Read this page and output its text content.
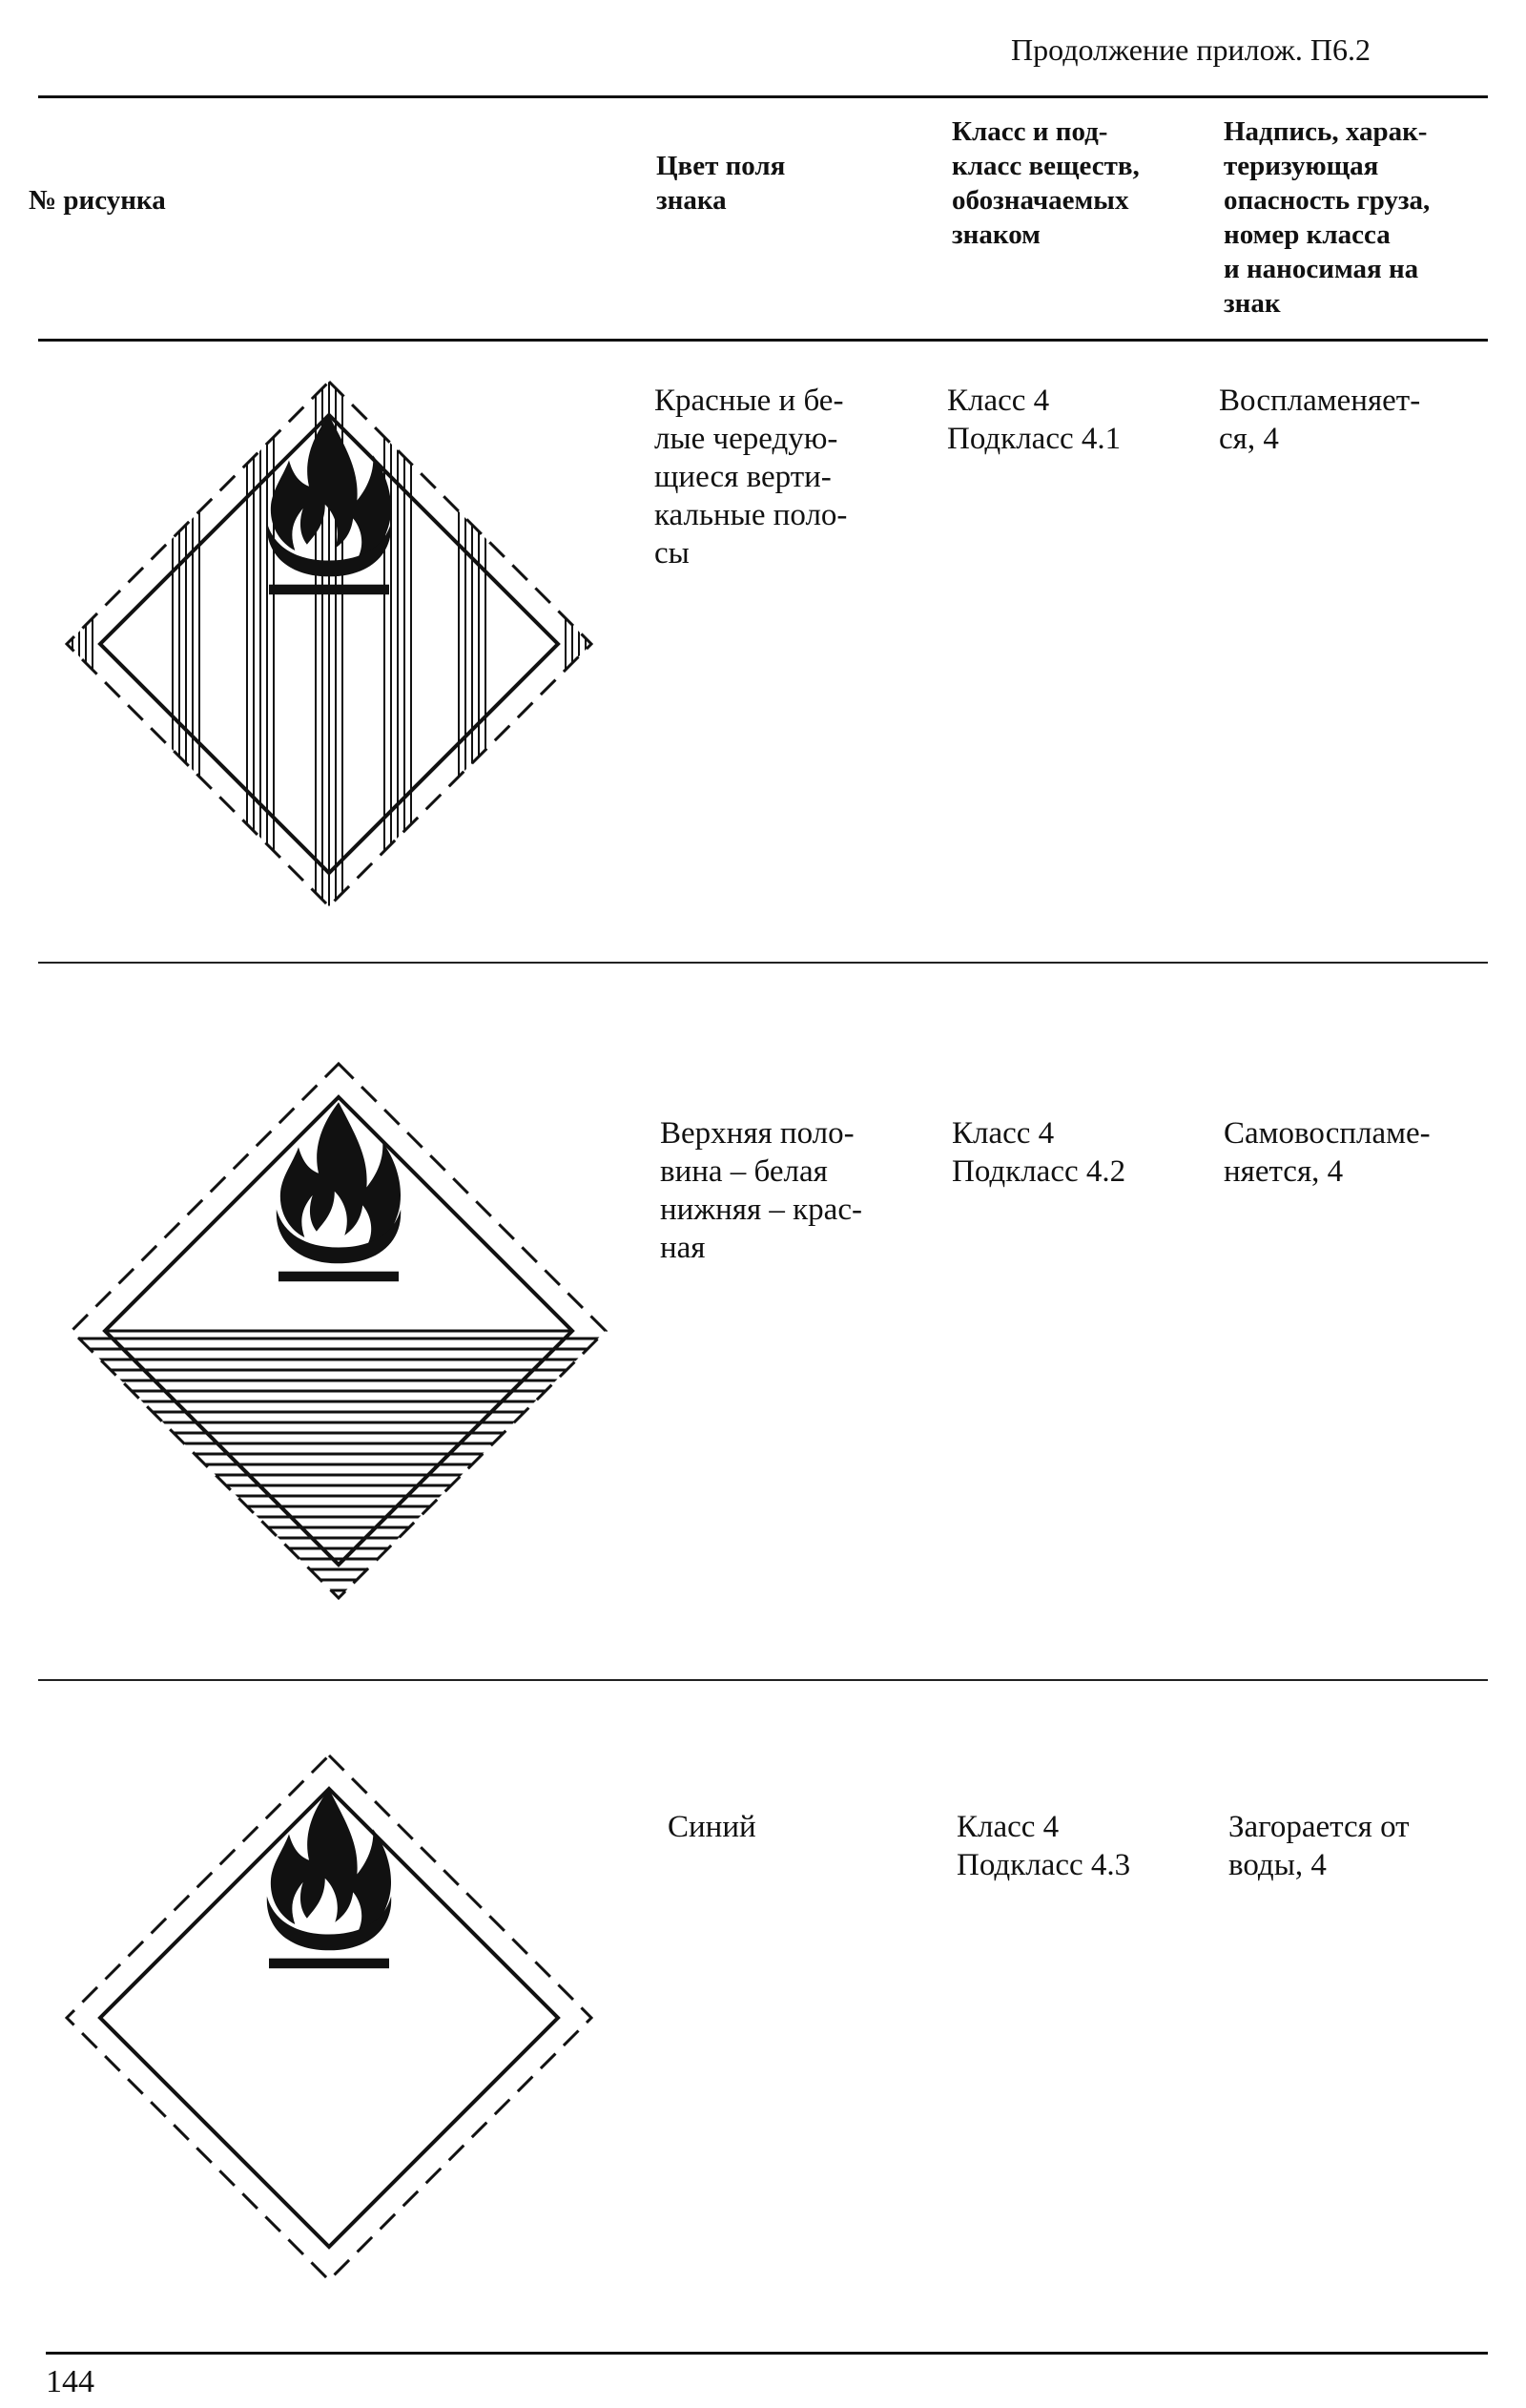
Продолжение прилож. П6.2
№ рисунка
Цвет поля
знака
Класс и под-
класс веществ,
обозначаемых
знаком
Надпись, харак-
теризующая
опасность груза,
номер класса
и наносимая на
знак
Красные и бе-
лые чередую-
щиеся верти-
кальные поло-
сы
Класс 4
Подкласс 4.1
Воспламеняет-
ся, 4
Верхняя поло-
вина – белая
нижняя – крас-
ная
Класс 4
Подкласс 4.2
Самовоспламе-
няется, 4
Синий	Класс 4
Подкласс 4.3
Загорается от
воды, 4
144
